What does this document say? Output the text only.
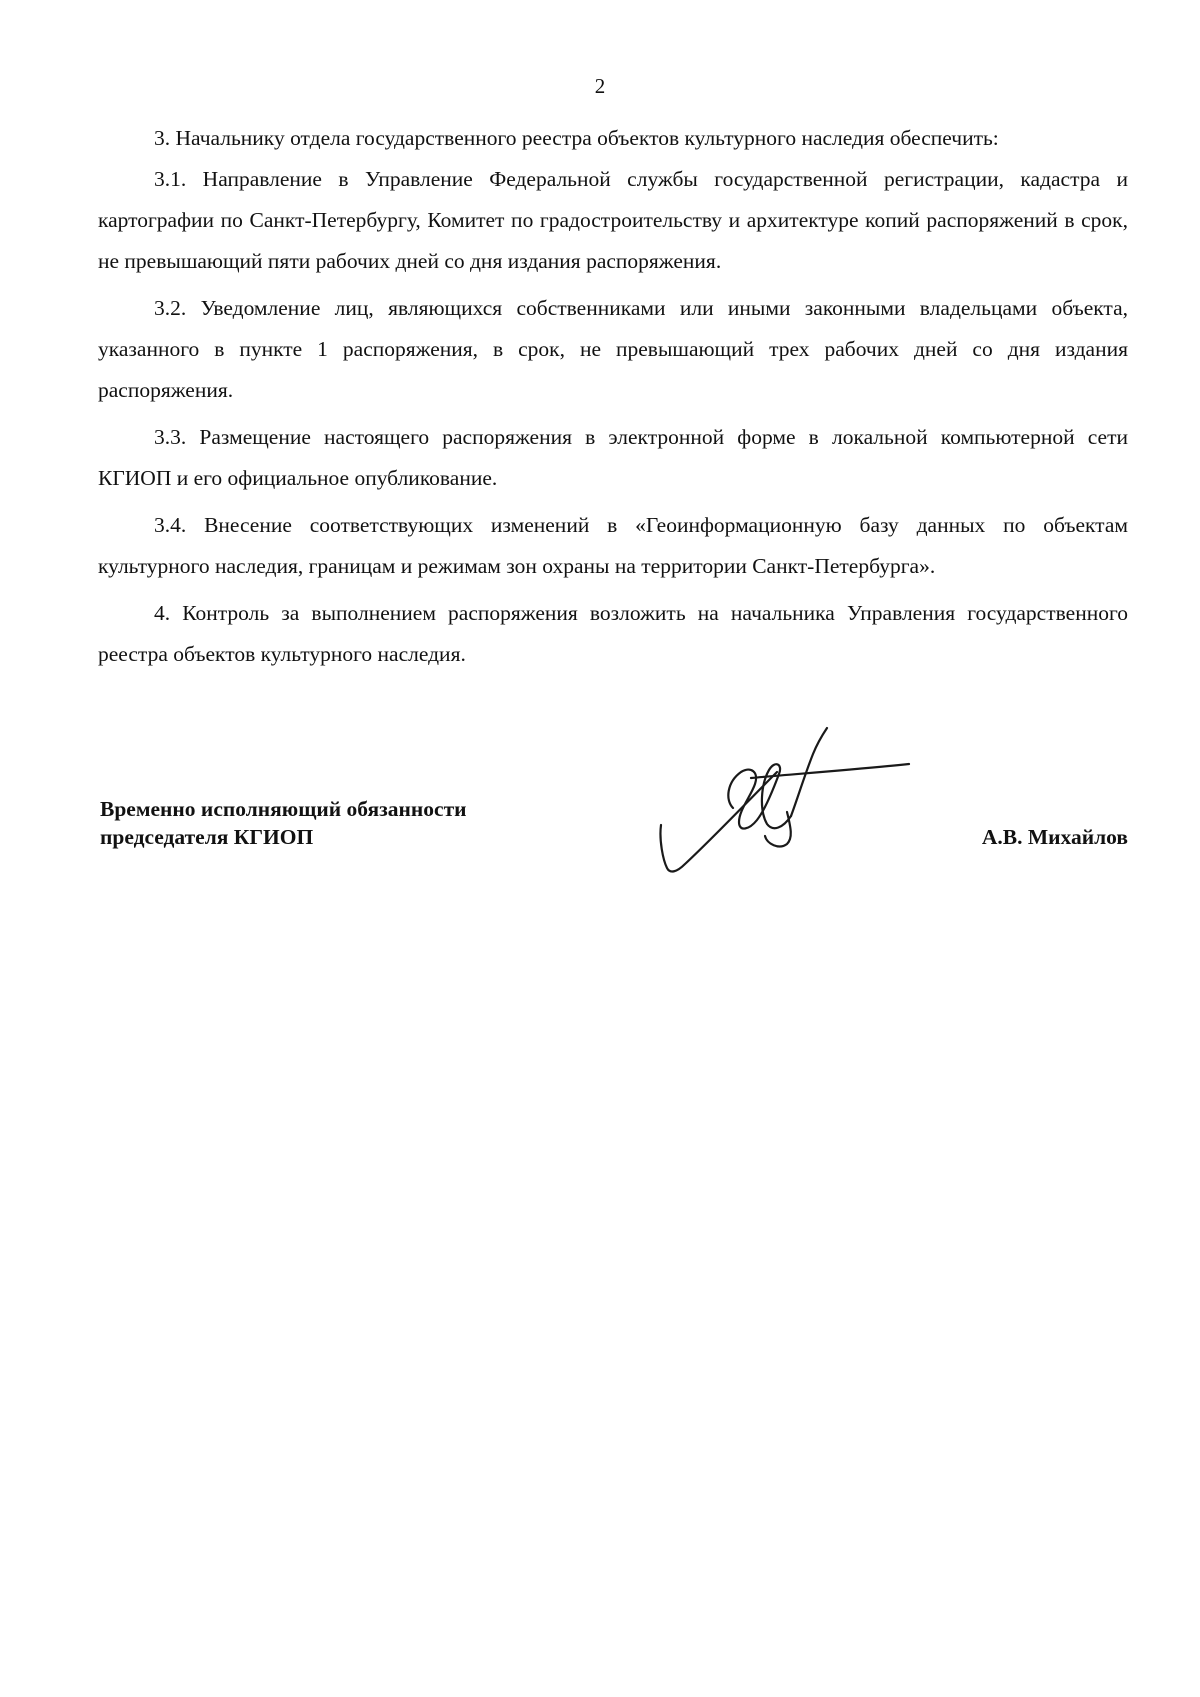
2

3. Начальнику отдела государственного реестра объектов культурного наследия обеспечить:

3.1. Направление в Управление Федеральной службы государственной регистрации, кадастра и картографии по Санкт-Петербургу, Комитет по градостроительству и архитектуре копий распоряжений в срок, не превышающий пяти рабочих дней со дня издания распоряжения.

3.2. Уведомление лиц, являющихся собственниками или иными законными владельцами объекта, указанного в пункте 1 распоряжения, в срок, не превышающий трех рабочих дней со дня издания распоряжения.

3.3. Размещение настоящего распоряжения в электронной форме в локальной компьютерной сети КГИОП и его официальное опубликование.

3.4. Внесение соответствующих изменений в «Геоинформационную базу данных по объектам культурного наследия, границам и режимам зон охраны на территории Санкт-Петербурга».

4. Контроль за выполнением распоряжения возложить на начальника Управления государственного реестра объектов культурного наследия.

Временно исполняющий обязанности
председателя КГИОП	А.В. Михайлов
